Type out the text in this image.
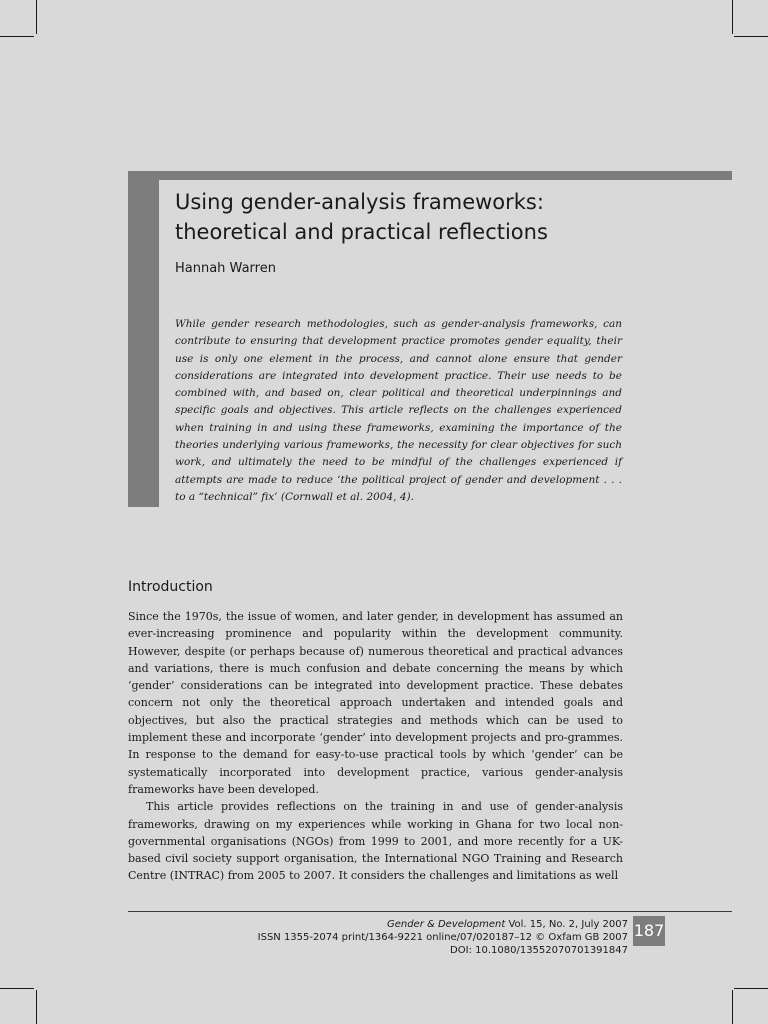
Using gender-analysis frameworks:
theoretical and practical reflections
Hannah Warren

While gender research methodologies, such as gender-analysis frameworks, can contribute to ensuring that development practice promotes gender equality, their use is only one element in the process, and cannot alone ensure that gender considerations are integrated into development practice. Their use needs to be combined with, and based on, clear political and theoretical underpinnings and specific goals and objectives. This article reflects on the challenges experienced when training in and using these frameworks, examining the importance of the theories underlying various frameworks, the necessity for clear objectives for such work, and ultimately the need to be mindful of the challenges experienced if attempts are made to reduce ‘the political project of gender and development . . . to a “technical” fix’ (Cornwall et al. 2004, 4).

Introduction

Since the 1970s, the issue of women, and later gender, in development has assumed an ever-increasing prominence and popularity within the development community. However, despite (or perhaps because of) numerous theoretical and practical advances and variations, there is much confusion and debate concerning the means by which ‘gender’ considerations can be integrated into development practice. These debates concern not only the theoretical approach undertaken and intended goals and objectives, but also the practical strategies and methods which can be used to implement these and incorporate ‘gender’ into development projects and pro-grammes. In response to the demand for easy-to-use practical tools by which ‘gender’ can be systematically incorporated into development practice, various gender-analysis frameworks have been developed.

This article provides reflections on the training in and use of gender-analysis frameworks, drawing on my experiences while working in Ghana for two local non-governmental organisations (NGOs) from 1999 to 2001, and more recently for a UK-based civil society support organisation, the International NGO Training and Research Centre (INTRAC) from 2005 to 2007. It considers the challenges and limitations as well

Gender & Development Vol. 15, No. 2, July 2007
ISSN 1355-2074 print/1364-9221 online/07/020187–12 © Oxfam GB 2007
DOI: 10.1080/13552070701391847
187
